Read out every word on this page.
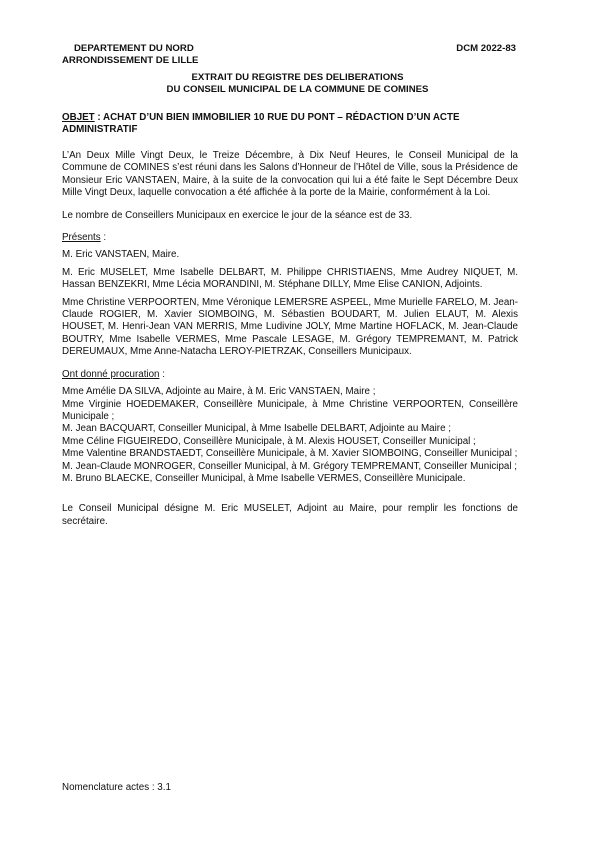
DEPARTEMENT DU NORD
ARRONDISSEMENT DE LILLE
DCM 2022-83
EXTRAIT DU REGISTRE DES DELIBERATIONS
DU CONSEIL MUNICIPAL DE LA COMMUNE DE COMINES
OBJET : ACHAT D’UN BIEN IMMOBILIER 10 RUE DU PONT – RÉDACTION D’UN ACTE ADMINISTRATIF

L’An Deux Mille Vingt Deux, le Treize Décembre, à Dix Neuf Heures, le Conseil Municipal de la Commune de COMINES s’est réuni dans les Salons d’Honneur de l’Hôtel de Ville, sous la Présidence de Monsieur Eric VANSTAEN, Maire, à la suite de la convocation qui lui a été faite le Sept Décembre Deux Mille Vingt Deux, laquelle convocation a été affichée à la porte de la Mairie, conformément à la Loi.

Le nombre de Conseillers Municipaux en exercice le jour de la séance est de 33.

Présents :

M. Eric VANSTAEN, Maire.

M. Eric MUSELET, Mme Isabelle DELBART, M. Philippe CHRISTIAENS, Mme Audrey NIQUET, M. Hassan BENZEKRI, Mme Lécia MORANDINI, M. Stéphane DILLY, Mme Elise CANION, Adjoints.

Mme Christine VERPOORTEN, Mme Véronique LEMERSRE ASPEEL, Mme Murielle FARELO, M. Jean-Claude ROGIER, M. Xavier SIOMBOING, M. Sébastien BOUDART, M. Julien ELAUT, M. Alexis HOUSET, M. Henri-Jean VAN MERRIS, Mme Ludivine JOLY, Mme Martine HOFLACK, M. Jean-Claude BOUTRY, Mme Isabelle VERMES, Mme Pascale LESAGE, M. Grégory TEMPREMANT, M. Patrick DEREUMAUX, Mme Anne-Natacha LEROY-PIETRZAK, Conseillers Municipaux.

Ont donné procuration :

Mme Amélie DA SILVA, Adjointe au Maire, à M. Eric VANSTAEN, Maire ;

Mme Virginie HOEDEMAKER, Conseillère Municipale, à Mme Christine VERPOORTEN, Conseillère Municipale ;

M. Jean BACQUART, Conseiller Municipal, à Mme Isabelle DELBART, Adjointe au Maire ;

Mme Céline FIGUEIREDO, Conseillère Municipale, à M. Alexis HOUSET, Conseiller Municipal ;

Mme Valentine BRANDSTAEDT, Conseillère Municipale, à M. Xavier SIOMBOING, Conseiller Municipal ;

M. Jean-Claude MONROGER, Conseiller Municipal, à M. Grégory TEMPREMANT, Conseiller Municipal ;

M. Bruno BLAECKE, Conseiller Municipal, à Mme Isabelle VERMES, Conseillère Municipale.

Le Conseil Municipal désigne M. Eric MUSELET, Adjoint au Maire, pour remplir les fonctions de secrétaire.

Nomenclature actes : 3.1
